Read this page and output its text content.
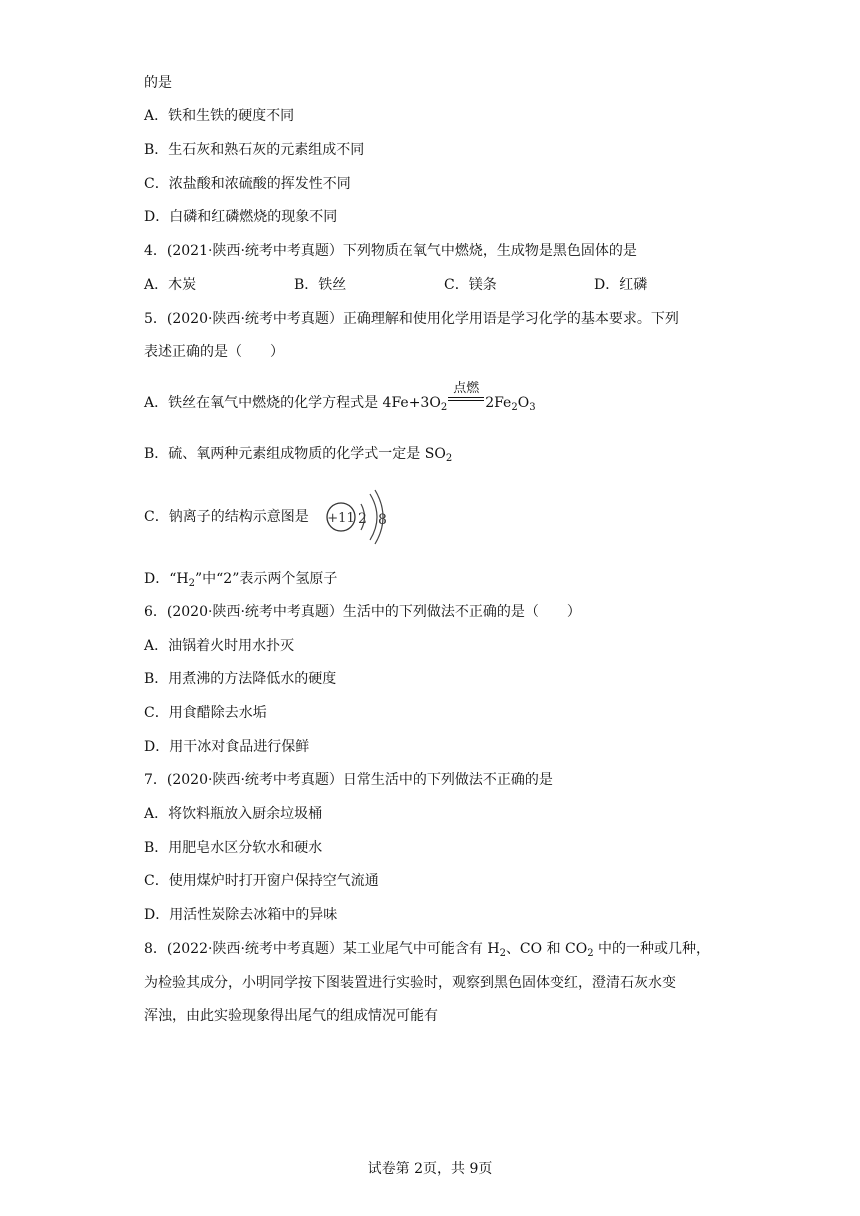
的是
A．铁和生铁的硬度不同
B．生石灰和熟石灰的元素组成不同
C．浓盐酸和浓硫酸的挥发性不同
D．白磷和红磷燃烧的现象不同
4．(2021·陕西·统考中考真题）下列物质在氧气中燃烧，生成物是黑色固体的是
A．木炭	B．铁丝	C．镁条	D．红磷
5．(2020·陕西·统考中考真题）正确理解和使用化学用语是学习化学的基本要求。下列
表述正确的是（　　）
A．铁丝在氧气中燃烧的化学方程式是 $4Fe+3O_2$
点燃
$2Fe_2O_3$
B．硫、氧两种元素组成物质的化学式一定是 $SO_2$
C．钠离子的结构示意图是 +11 2 8
D．“$H_2$”中“2”表示两个氢原子
6．(2020·陕西·统考中考真题）生活中的下列做法不正确的是（　　）
A．油锅着火时用水扑灭
B．用煮沸的方法降低水的硬度
C．用食醋除去水垢
D．用干冰对食品进行保鲜
7．(2020·陕西·统考中考真题）日常生活中的下列做法不正确的是
A．将饮料瓶放入厨余垃圾桶
B．用肥皂水区分软水和硬水
C．使用煤炉时打开窗户保持空气流通
D．用活性炭除去冰箱中的异味
8．(2022·陕西·统考中考真题）某工业尾气中可能含有 $H_2$、CO 和 $CO_2$ 中的一种或几种，
为检验其成分，小明同学按下图装置进行实验时，观察到黑色固体变红，澄清石灰水变
浑浊，由此实验现象得出尾气的组成情况可能有
试卷第 2页，共 9页
